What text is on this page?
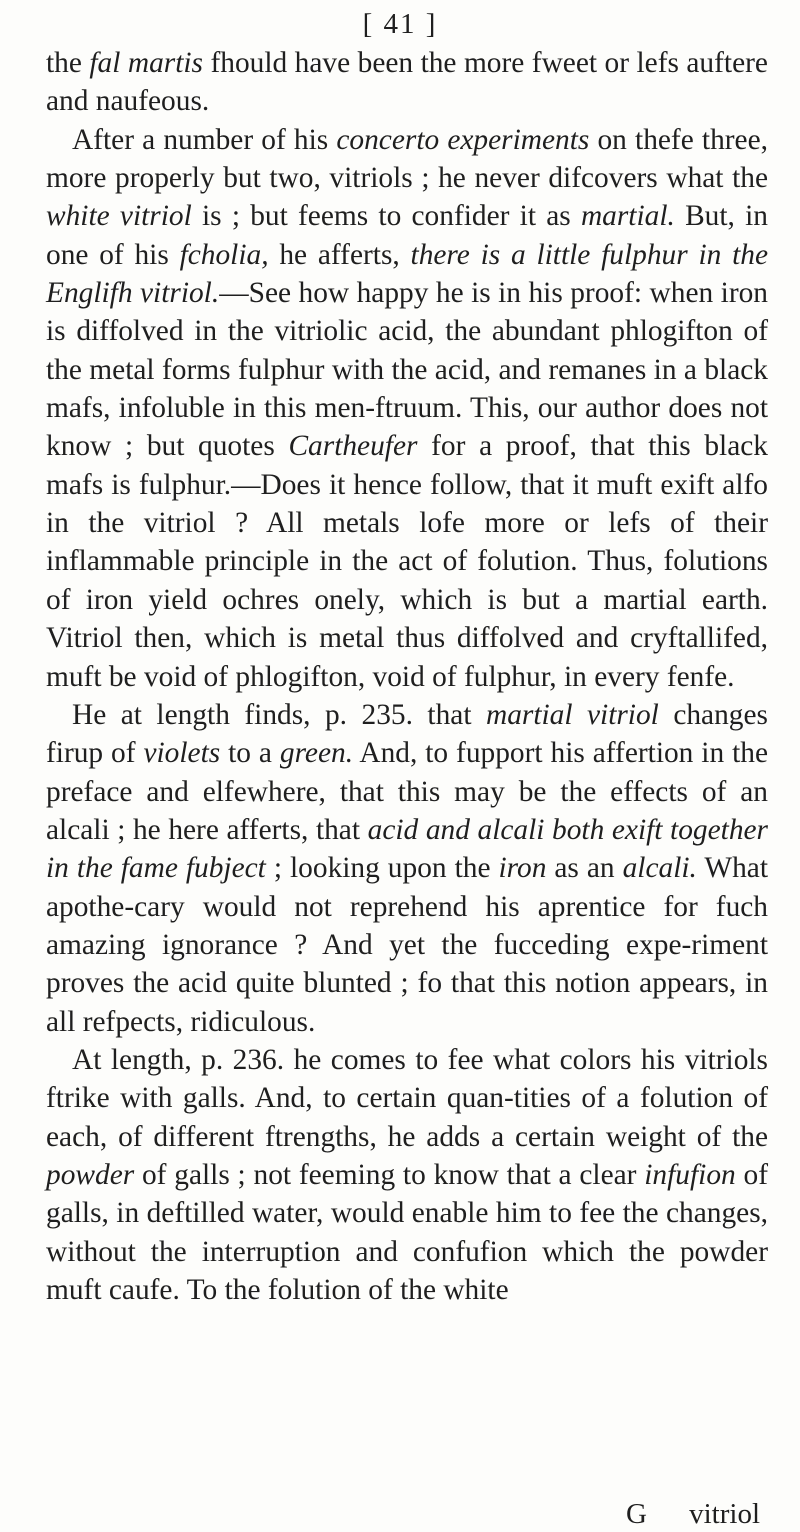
[ 41 ]

the fal martis fhould have been the more fweet or lefs auftere and naufeous.

After a number of his concerto experiments on thefe three, more properly but two, vitriols ; he never difcovers what the white vitriol is ; but feems to confider it as martial. But, in one of his fcholia, he afferts, there is a little fulphur in the Englifh vitriol.—See how happy he is in his proof: when iron is diffolved in the vitriolic acid, the abundant phlogifton of the metal forms fulphur with the acid, and remanes in a black mafs, infoluble in this men-ftruum. This, our author does not know ; but quotes Cartheufer for a proof, that this black mafs is fulphur.—Does it hence follow, that it muft exift alfo in the vitriol ? All metals lofe more or lefs of their inflammable principle in the act of folution. Thus, folutions of iron yield ochres onely, which is but a martial earth. Vitriol then, which is metal thus diffolved and cryftallifed, muft be void of phlogifton, void of fulphur, in every fenfe.

He at length finds, p. 235. that martial vitriol changes firup of violets to a green. And, to fupport his affertion in the preface and elfewhere, that this may be the effects of an alcali ; he here afferts, that acid and alcali both exift together in the fame fubject ; looking upon the iron as an alcali. What apothe-cary would not reprehend his aprentice for fuch amazing ignorance ? And yet the fucceding expe-riment proves the acid quite blunted ; fo that this notion appears, in all refpects, ridiculous.

At length, p. 236. he comes to fee what colors his vitriols ftrike with galls. And, to certain quan-tities of a folution of each, of different ftrengths, he adds a certain weight of the powder of galls ; not feeming to know that a clear infufion of galls, in deftilled water, would enable him to fee the changes, without the interruption and confufion which the powder muft caufe. To the folution of the white

G vitriol
